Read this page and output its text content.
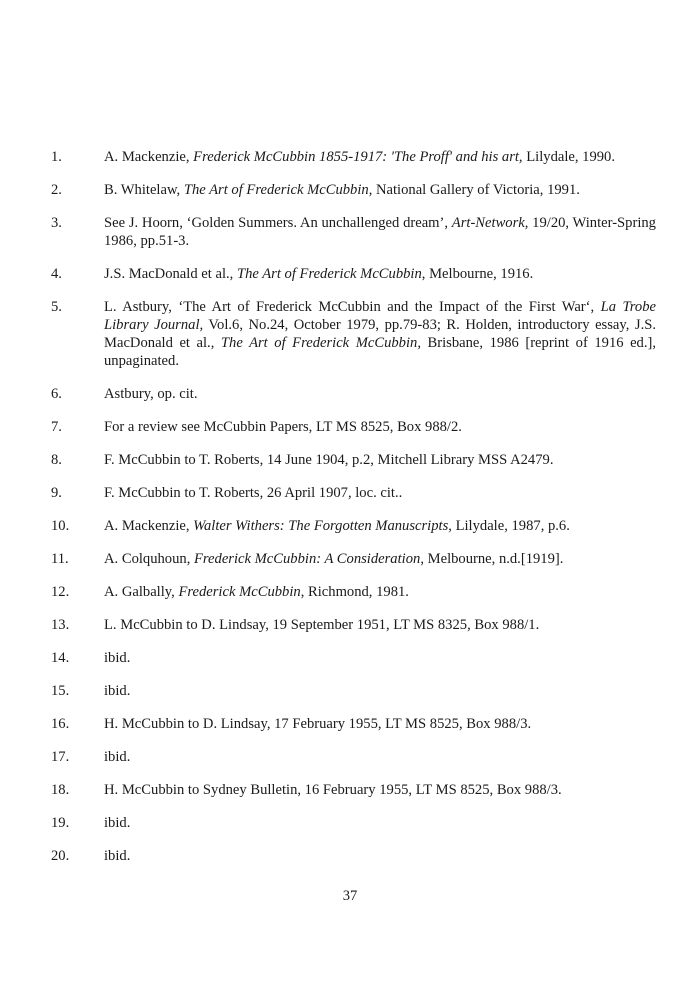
1.	A. Mackenzie, Frederick McCubbin 1855-1917: 'The Proff' and his art, Lilydale, 1990.
2.	B. Whitelaw, The Art of Frederick McCubbin, National Gallery of Victoria, 1991.
3.	See J. Hoorn, ‘Golden Summers. An unchallenged dream’, Art-Network, 19/20, Winter-Spring 1986, pp.51-3.
4.	J.S. MacDonald et al., The Art of Frederick McCubbin, Melbourne, 1916.
5.	L. Astbury, ‘The Art of Frederick McCubbin and the Impact of the First War‘, La Trobe Library Journal, Vol.6, No.24, October 1979, pp.79-83; R. Holden, introductory essay, J.S. MacDonald et al., The Art of Frederick McCubbin, Brisbane, 1986 [reprint of 1916 ed.], unpaginated.
6.	Astbury, op. cit.
7.	For a review see McCubbin Papers, LT MS 8525, Box 988/2.
8.	F. McCubbin to T. Roberts, 14 June 1904, p.2, Mitchell Library MSS A2479.
9.	F. McCubbin to T. Roberts, 26 April 1907, loc. cit..
10.	A. Mackenzie, Walter Withers: The Forgotten Manuscripts, Lilydale, 1987, p.6.
11.	A. Colquhoun, Frederick McCubbin: A Consideration, Melbourne, n.d.[1919].
12.	A. Galbally, Frederick McCubbin, Richmond, 1981.
13.	L. McCubbin to D. Lindsay, 19 September 1951, LT MS 8325, Box 988/1.
14.	ibid.
15.	ibid.
16.	H. McCubbin to D. Lindsay, 17 February 1955, LT MS 8525, Box 988/3.
17.	ibid.
18.	H. McCubbin to Sydney Bulletin, 16 February 1955, LT MS 8525, Box 988/3.
19.	ibid.
20.	ibid.
37
